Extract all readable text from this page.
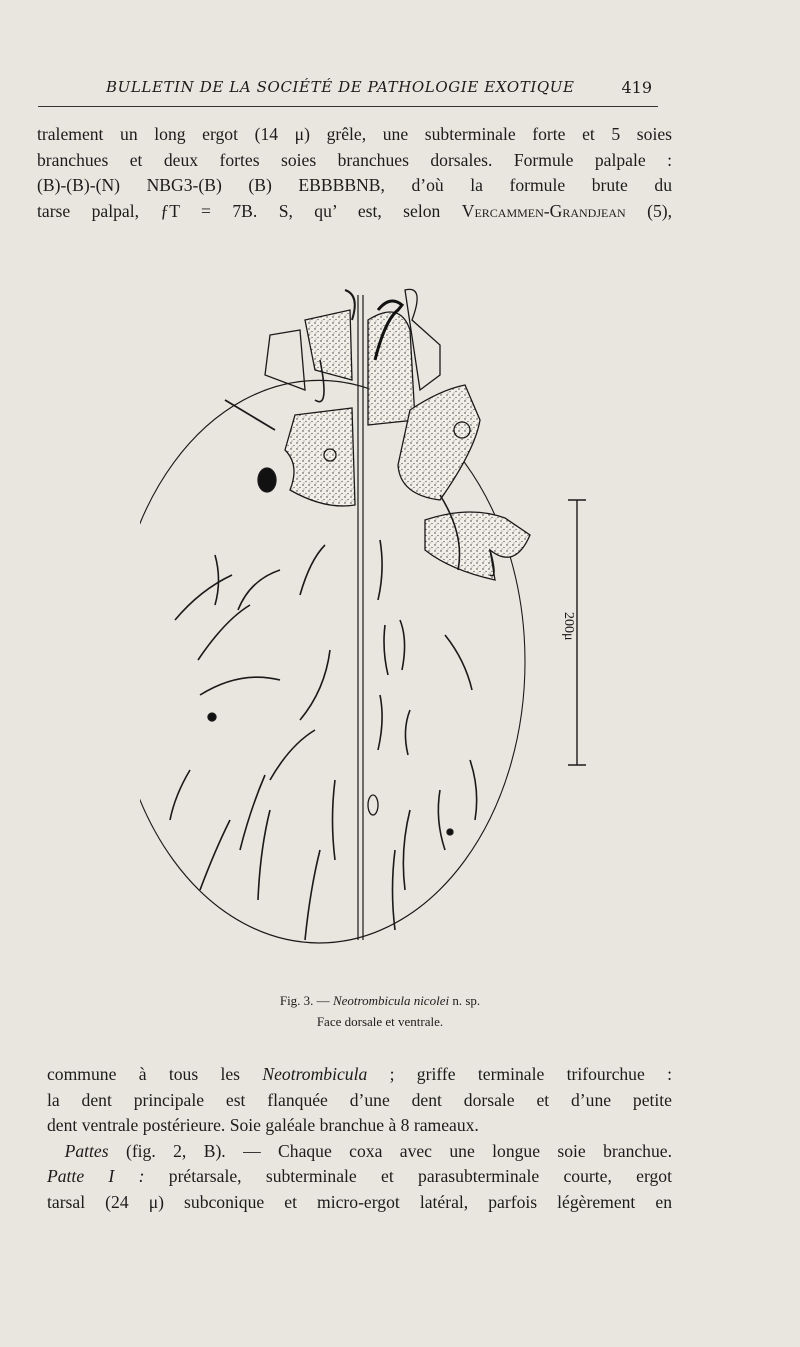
BULLETIN DE LA SOCIÉTÉ DE PATHOLOGIE EXOTIQUE	419
tralement un long ergot (14 μ) grêle, une subterminale forte et 5 soies
branchues et deux fortes soies branchues dorsales. Formule palpale :
(B)-(B)-(N) NBG3-(B) (B) EBBBBNB, d’où la formule brute du
tarse palpal, ƒT = 7B. S, qu’ est, selon Vercammen-Grandjean (5),
200μ
Fig. 3. — Neotrombicula nicolei n. sp.
Face dorsale et ventrale.
commune à tous les Neotrombicula ; griffe terminale trifourchue :
la dent principale est flanquée d’une dent dorsale et d’une petite
dent ventrale postérieure. Soie galéale branchue à 8 rameaux.
 Pattes (fig. 2, B). — Chaque coxa avec une longue soie branchue.
Patte I : prétarsale, subterminale et parasubterminale courte, ergot
tarsal (24 μ) subconique et micro-ergot latéral, parfois légèrement en
